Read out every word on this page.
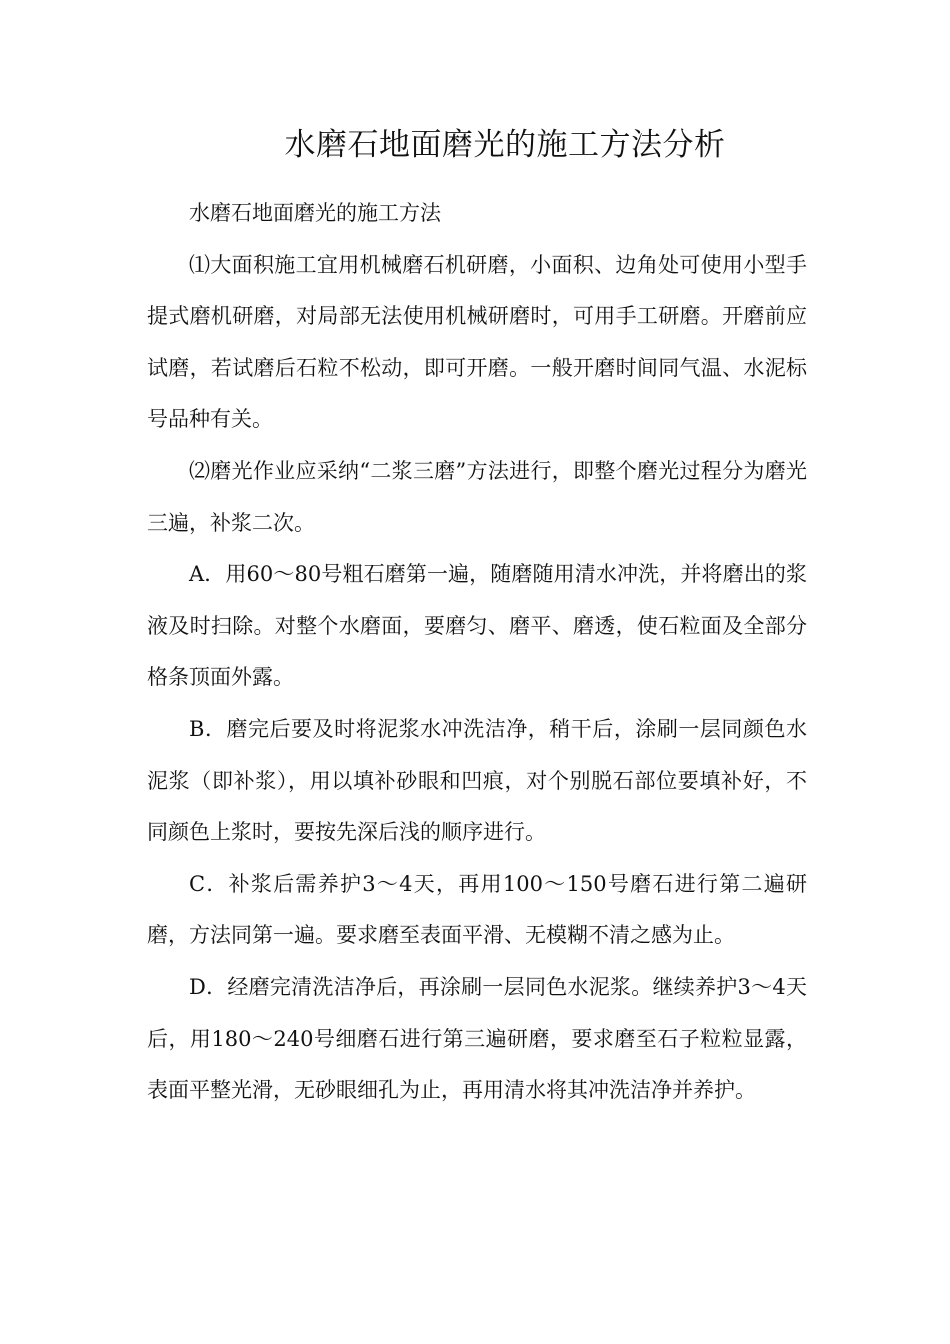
水磨石地面磨光的施工方法分析

水磨石地面磨光的施工方法

⑴大面积施工宜用机械磨石机研磨，小面积、边角处可使用小型手提式磨机研磨，对局部无法使用机械研磨时，可用手工研磨。开磨前应试磨，若试磨后石粒不松动，即可开磨。一般开磨时间同气温、水泥标号品种有关。

⑵磨光作业应采纳“二浆三磨”方法进行，即整个磨光过程分为磨光三遍，补浆二次。

A．用60～80号粗石磨第一遍，随磨随用清水冲洗，并将磨出的浆液及时扫除。对整个水磨面，要磨匀、磨平、磨透，使石粒面及全部分格条顶面外露。

B．磨完后要及时将泥浆水冲洗洁净，稍干后，涂刷一层同颜色水泥浆（即补浆），用以填补砂眼和凹痕，对个别脱石部位要填补好，不同颜色上浆时，要按先深后浅的顺序进行。

C．补浆后需养护3～4天，再用100～150号磨石进行第二遍研磨，方法同第一遍。要求磨至表面平滑、无模糊不清之感为止。

D．经磨完清洗洁净后，再涂刷一层同色水泥浆。继续养护3～4天后，用180～240号细磨石进行第三遍研磨，要求磨至石子粒粒显露，表面平整光滑，无砂眼细孔为止，再用清水将其冲洗洁净并养护。
